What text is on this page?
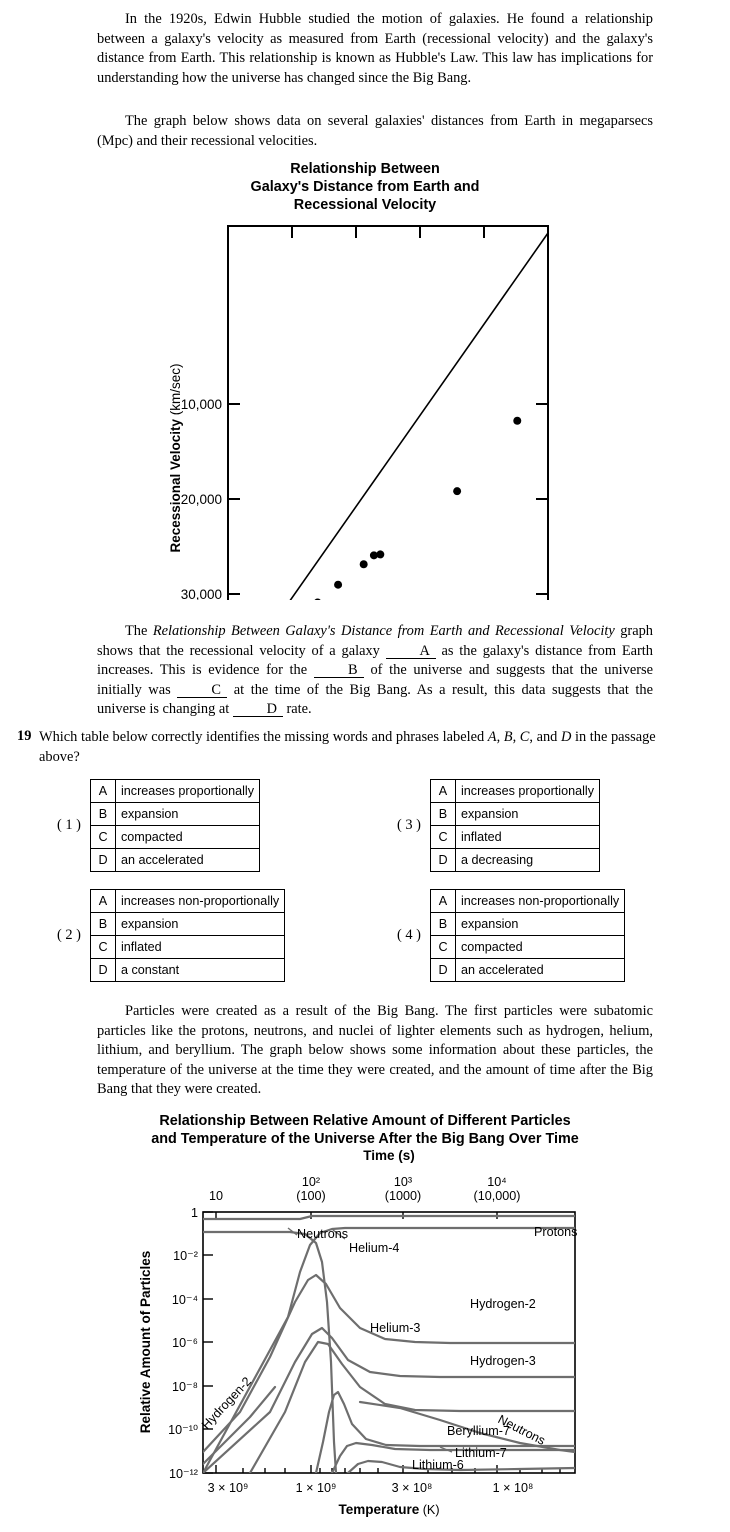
In the 1920s, Edwin Hubble studied the motion of galaxies. He found a relationship between a galaxy's velocity as measured from Earth (recessional velocity) and the galaxy's distance from Earth. This relationship is known as Hubble's Law. This law has implications for understanding how the universe has changed since the Big Bang.
The graph below shows data on several galaxies' distances from Earth in megaparsecs (Mpc) and their recessional velocities.
Relationship Between
Galaxy's Distance from Earth and
Recessional Velocity
10,000
20,000
30,000
Recessional Velocity (km/sec)
The Relationship Between Galaxy's Distance from Earth and Recessional Velocity graph shows that the recessional velocity of a galaxy A as the galaxy's distance from Earth increases. This is evidence for the B of the universe and suggests that the universe initially was C at the time of the Big Bang. As a result, this data suggests that the universe is changing at D rate.
19 Which table below correctly identifies the missing words and phrases labeled A, B, C, and D in the passage above?
( 1 )
A	increases proportionally
B	expansion
C	compacted
D	an accelerated
( 3 )
A	increases proportionally
B	expansion
C	inflated
D	a decreasing
( 2 )
A	increases non-proportionally
B	expansion
C	inflated
D	a constant
( 4 )
A	increases non-proportionally
B	expansion
C	compacted
D	an accelerated
Particles were created as a result of the Big Bang. The first particles were subatomic particles like the protons, neutrons, and nuclei of lighter elements such as hydrogen, helium, lithium, and beryllium. The graph below shows some information about these particles, the temperature of the universe at the time they were created, and the amount of time after the Big Bang that they were created.
Relationship Between Relative Amount of Different Particles
and Temperature of the Universe After the Big Bang Over Time
Time (s)
10
10²
(100)
10³
(1000)
10⁴
(10,000)
Neutrons	Protons
Helium-4
Hydrogen-2
Helium-3
Hydrogen-3
Neutrons
Beryllium-7
Lithium-7
Lithium-6
Hydrogen-2
1
10⁻²
10⁻⁴
10⁻⁶
10⁻⁸
10⁻¹⁰
10⁻¹²
3 × 10⁹	1 × 10⁹	3 × 10⁸	1 × 10⁸
Temperature (K)
Relative Amount of Particles
